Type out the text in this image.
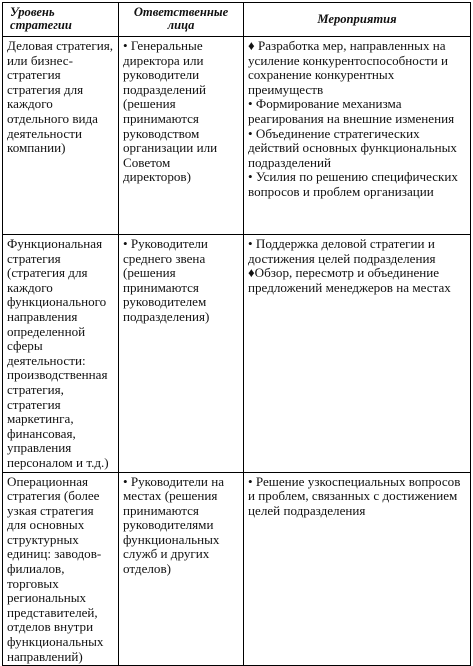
Уровень стратегии	Ответственные лица	Мероприятия
Деловая стратегия, или бизнес-стратегия стратегия для каждого отдельного вида деятельности компании)	• Генеральные директора или руководители подразделений (решения принимаются руководством организации или Советом директоров)	♦ Разработка мер, направленных на усиление конкурентоспособности и сохранение конкурентных преимуществ

• Формирование механизма реагирования на внешние изменения

• Объединение стратегических действий основных функциональных подразделений

• Усилия по решению специфических вопросов и проблем организации

Функциональная стратегия (стратегия для каждого функционального направления определенной сферы деятельности: производственная стратегия, стратегия маркетинга, финансовая, управления персоналом и т.д.)	• Руководители среднего звена (решения принимаются руководителем подразделения)	• Поддержка деловой стратегии и достижения целей подразделения

♦Обзор, пересмотр и объединение предложений менеджеров на местах

Операционная стратегия (более узкая стратегия для основных структурных единиц: заводов-филиалов, торговых региональных представителей, отделов внутри функциональных направлений)	• Руководители на местах (решения принимаются руководителями функциональных служб и других отделов)	• Решение узкоспециальных вопросов и проблем, связанных с достижением целей подразделения
